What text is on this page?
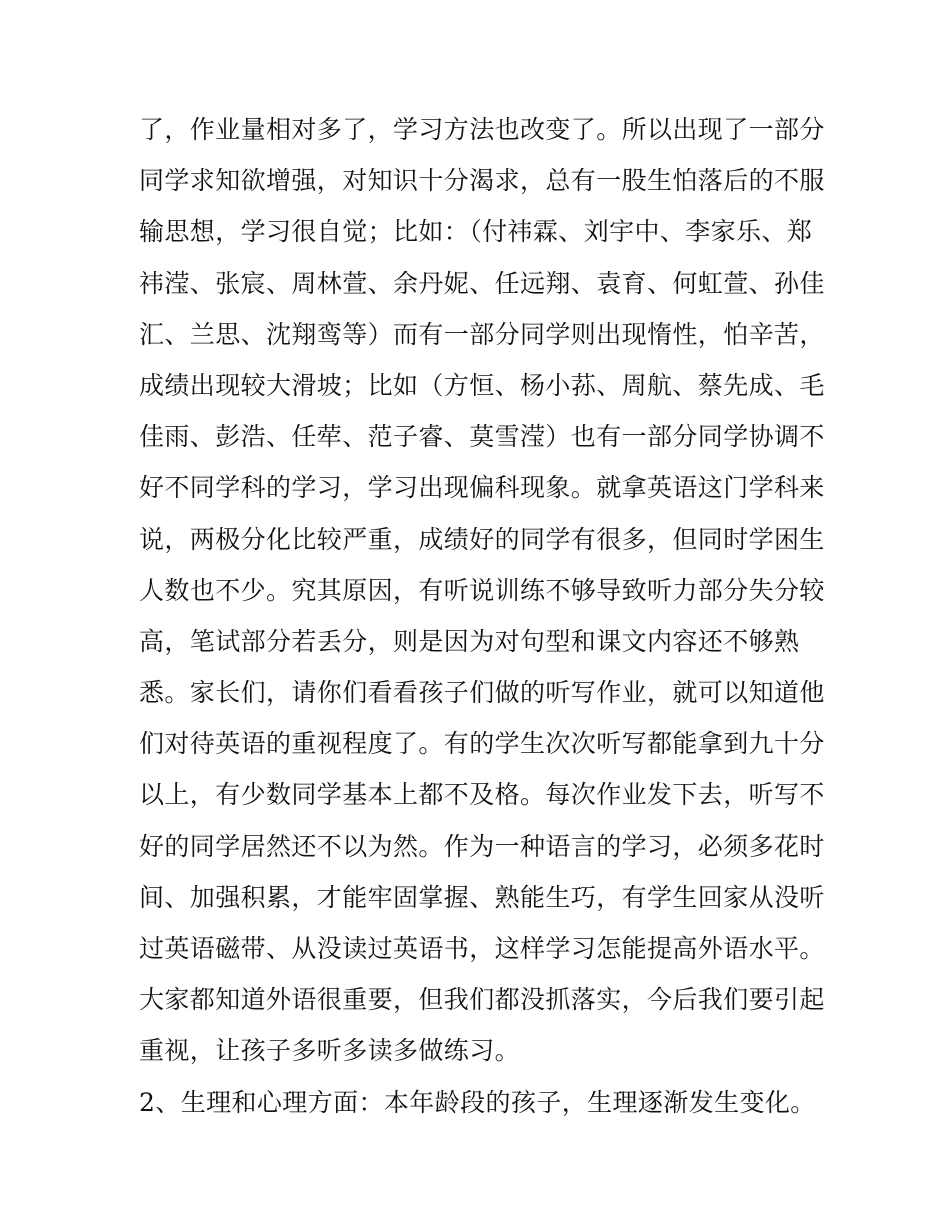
了，作业量相对多了，学习方法也改变了。所以出现了一部分
同学求知欲增强，对知识十分渴求，总有一股生怕落后的不服
输思想，学习很自觉；比如：（付祎霖、刘宇中、李家乐、郑
祎滢、张宸、周林萱、余丹妮、任远翔、袁育、何虹萱、孙佳
汇、兰思、沈翔鸾等）而有一部分同学则出现惰性，怕辛苦，
成绩出现较大滑坡；比如（方恒、杨小荪、周航、蔡先成、毛
佳雨、彭浩、任荦、范子睿、莫雪滢）也有一部分同学协调不
好不同学科的学习，学习出现偏科现象。就拿英语这门学科来
说，两极分化比较严重，成绩好的同学有很多，但同时学困生
人数也不少。究其原因，有听说训练不够导致听力部分失分较
高，笔试部分若丢分，则是因为对句型和课文内容还不够熟
悉。家长们，请你们看看孩子们做的听写作业，就可以知道他
们对待英语的重视程度了。有的学生次次听写都能拿到九十分
以上，有少数同学基本上都不及格。每次作业发下去，听写不
好的同学居然还不以为然。作为一种语言的学习，必须多花时
间、加强积累，才能牢固掌握、熟能生巧，有学生回家从没听
过英语磁带、从没读过英语书，这样学习怎能提高外语水平。
大家都知道外语很重要，但我们都没抓落实，今后我们要引起
重视，让孩子多听多读多做练习。
2、生理和心理方面：本年龄段的孩子，生理逐渐发生变化。
